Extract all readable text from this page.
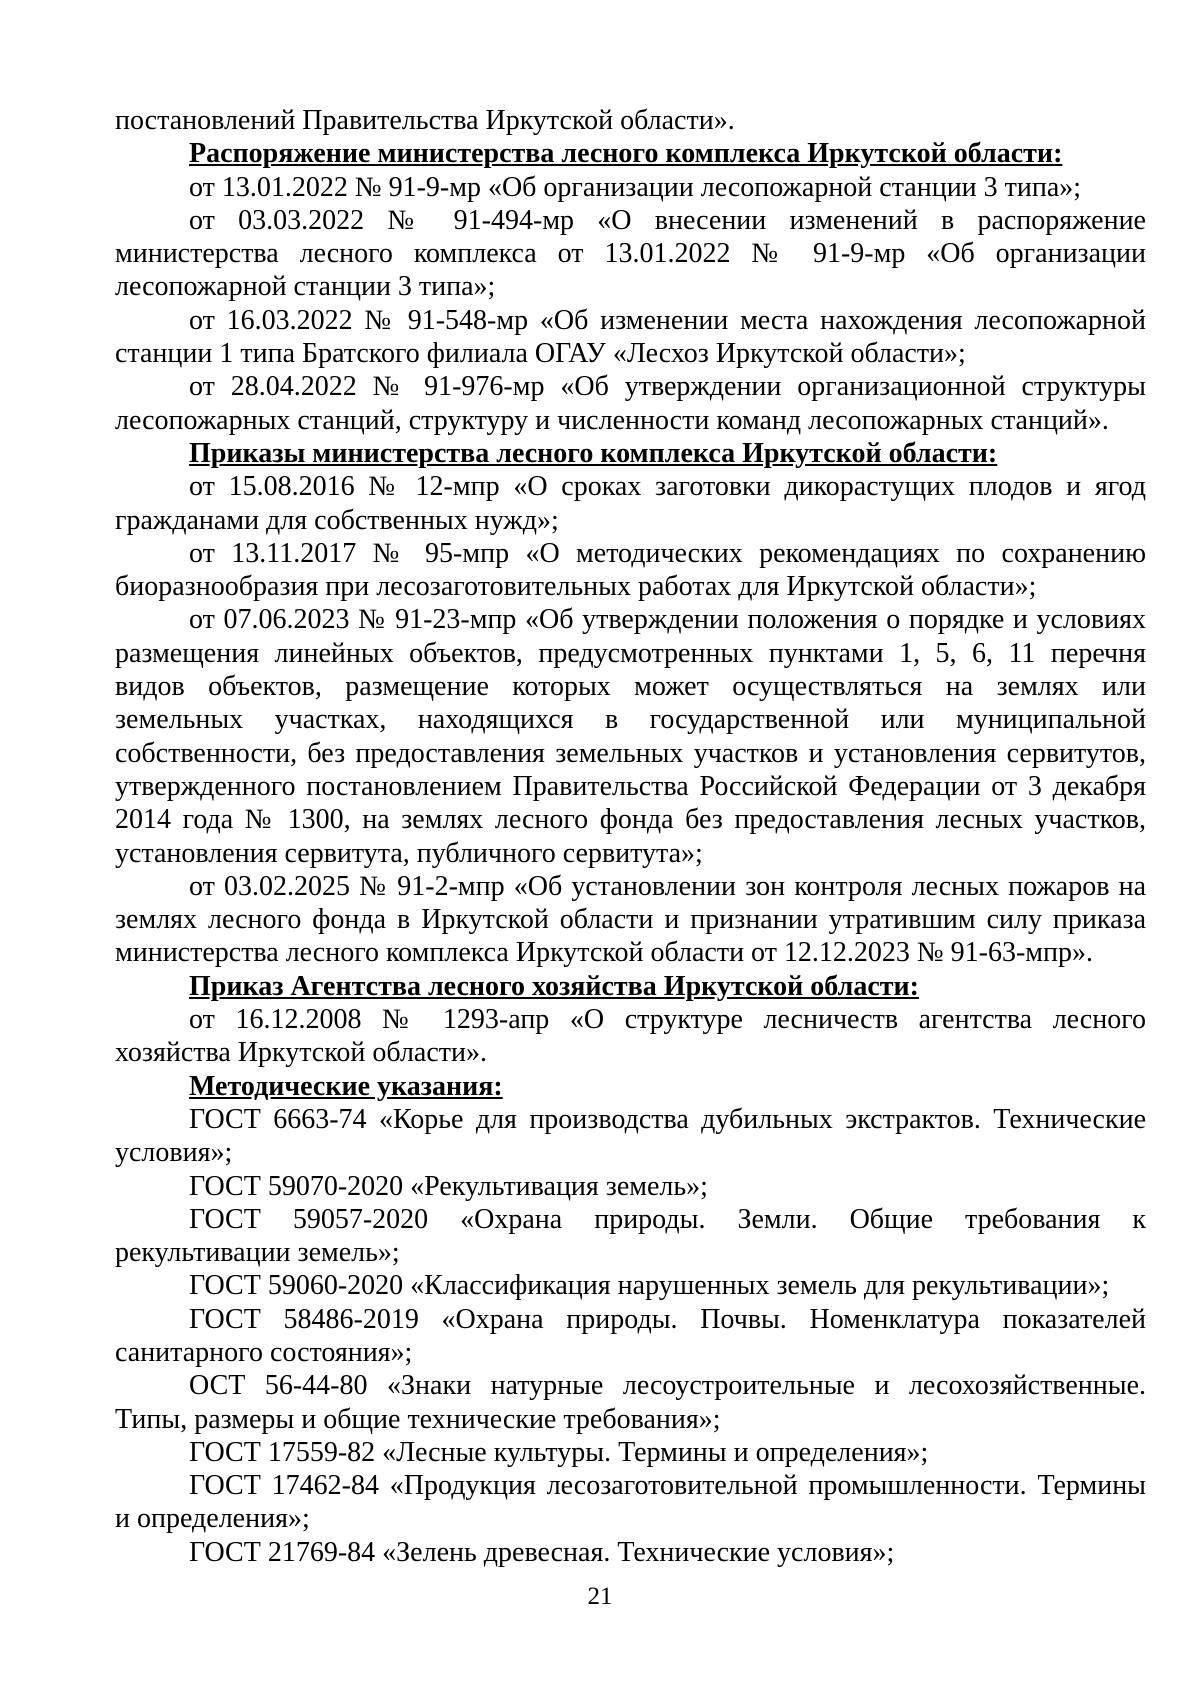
постановлений Правительства Иркутской области».

Распоряжение министерства лесного комплекса Иркутской области:

от 13.01.2022 № 91-9-мр «Об организации лесопожарной станции 3 типа»;

от 03.03.2022 № 91-494-мр «О внесении изменений в распоряжение министерства лесного комплекса от 13.01.2022 № 91-9-мр «Об организации лесопожарной станции 3 типа»;

от 16.03.2022 № 91-548-мр «Об изменении места нахождения лесопожарной станции 1 типа Братского филиала ОГАУ «Лесхоз Иркутской области»;

от 28.04.2022 № 91-976-мр «Об утверждении организационной структуры лесопожарных станций, структуру и численности команд лесопожарных станций».

Приказы министерства лесного комплекса Иркутской области:

от 15.08.2016 № 12-мпр «О сроках заготовки дикорастущих плодов и ягод гражданами для собственных нужд»;

от 13.11.2017 № 95-мпр «О методических рекомендациях по сохранению биоразнообразия при лесозаготовительных работах для Иркутской области»;

от 07.06.2023 № 91-23-мпр «Об утверждении положения о порядке и условиях размещения линейных объектов, предусмотренных пунктами 1, 5, 6, 11 перечня видов объектов, размещение которых может осуществляться на землях или земельных участках, находящихся в государственной или муниципальной собственности, без предоставления земельных участков и установления сервитутов, утвержденного постановлением Правительства Российской Федерации от 3 декабря 2014 года № 1300, на землях лесного фонда без предоставления лесных участков, установления сервитута, публичного сервитута»;

от 03.02.2025 № 91-2-мпр «Об установлении зон контроля лесных пожаров на землях лесного фонда в Иркутской области и признании утратившим силу приказа министерства лесного комплекса Иркутской области от 12.12.2023 № 91-63-мпр».

Приказ Агентства лесного хозяйства Иркутской области:

от 16.12.2008 № 1293-апр «О структуре лесничеств агентства лесного хозяйства Иркутской области».

Методические указания:

ГОСТ 6663-74 «Корье для производства дубильных экстрактов. Технические условия»;

ГОСТ 59070-2020 «Рекультивация земель»;

ГОСТ 59057-2020 «Охрана природы. Земли. Общие требования к рекультивации земель»;

ГОСТ 59060-2020 «Классификация нарушенных земель для рекультивации»;

ГОСТ 58486-2019 «Охрана природы. Почвы. Номенклатура показателей санитарного состояния»;

ОСТ 56-44-80 «Знаки натурные лесоустроительные и лесохозяйственные. Типы, размеры и общие технические требования»;

ГОСТ 17559-82 «Лесные культуры. Термины и определения»;

ГОСТ 17462-84 «Продукция лесозаготовительной промышленности. Термины и определения»;

ГОСТ 21769-84 «Зелень древесная. Технические условия»;

21
